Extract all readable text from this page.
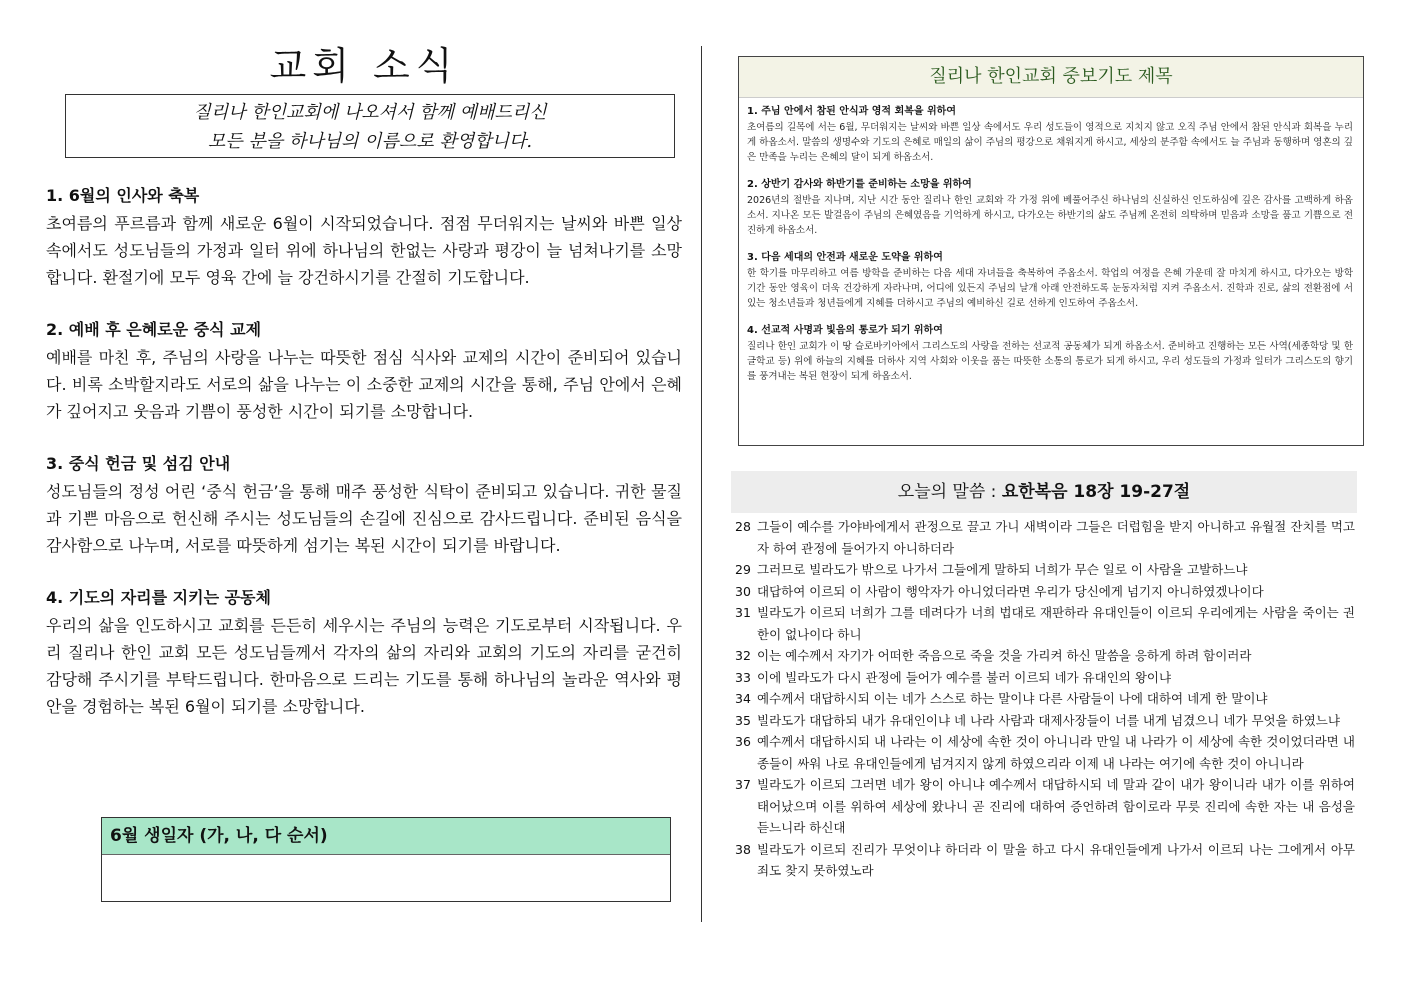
교회 소식
질리나 한인교회에 나오셔서 함께 예배드리신
모든 분을 하나님의 이름으로 환영합니다.

1. 6월의 인사와 축복

초여름의 푸르름과 함께 새로운 6월이 시작되었습니다. 점점 무더워지는 날씨와 바쁜 일상 속에서도 성도님들의 가정과 일터 위에 하나님의 한없는 사랑과 평강이 늘 넘쳐나기를 소망합니다. 환절기에 모두 영육 간에 늘 강건하시기를 간절히 기도합니다.

2. 예배 후 은혜로운 중식 교제

예배를 마친 후, 주님의 사랑을 나누는 따뜻한 점심 식사와 교제의 시간이 준비되어 있습니다. 비록 소박할지라도 서로의 삶을 나누는 이 소중한 교제의 시간을 통해, 주님 안에서 은혜가 깊어지고 웃음과 기쁨이 풍성한 시간이 되기를 소망합니다.

3. 중식 헌금 및 섬김 안내

성도님들의 정성 어린 ‘중식 헌금’을 통해 매주 풍성한 식탁이 준비되고 있습니다. 귀한 물질과 기쁜 마음으로 헌신해 주시는 성도님들의 손길에 진심으로 감사드립니다. 준비된 음식을 감사함으로 나누며, 서로를 따뜻하게 섬기는 복된 시간이 되기를 바랍니다.

4. 기도의 자리를 지키는 공동체

우리의 삶을 인도하시고 교회를 든든히 세우시는 주님의 능력은 기도로부터 시작됩니다. 우리 질리나 한인 교회 모든 성도님들께서 각자의 삶의 자리와 교회의 기도의 자리를 굳건히 감당해 주시기를 부탁드립니다. 한마음으로 드리는 기도를 통해 하나님의 놀라운 역사와 평안을 경험하는 복된 6월이 되기를 소망합니다.

6월 생일자 (가, 나, 다 순서)
질리나 한인교회 중보기도 제목

1. 주님 안에서 참된 안식과 영적 회복을 위하여

초여름의 길목에 서는 6월, 무더워지는 날씨와 바쁜 일상 속에서도 우리 성도들이 영적으로 지치지 않고 오직 주님 안에서 참된 안식과 회복을 누리게 하옵소서. 말씀의 생명수와 기도의 은혜로 매일의 삶이 주님의 평강으로 채워지게 하시고, 세상의 분주함 속에서도 늘 주님과 동행하며 영혼의 깊은 만족을 누리는 은혜의 달이 되게 하옵소서.

2. 상반기 감사와 하반기를 준비하는 소망을 위하여

2026년의 절반을 지나며, 지난 시간 동안 질리나 한인 교회와 각 가정 위에 베풀어주신 하나님의 신실하신 인도하심에 깊은 감사를 고백하게 하옵소서. 지나온 모든 발걸음이 주님의 은혜였음을 기억하게 하시고, 다가오는 하반기의 삶도 주님께 온전히 의탁하며 믿음과 소망을 품고 기쁨으로 전진하게 하옵소서.

3. 다음 세대의 안전과 새로운 도약을 위하여

한 학기를 마무리하고 여름 방학을 준비하는 다음 세대 자녀들을 축복하여 주옵소서. 학업의 여정을 은혜 가운데 잘 마치게 하시고, 다가오는 방학 기간 동안 영육이 더욱 건강하게 자라나며, 어디에 있든지 주님의 날개 아래 안전하도록 눈동자처럼 지켜 주옵소서. 진학과 진로, 삶의 전환점에 서 있는 청소년들과 청년들에게 지혜를 더하시고 주님의 예비하신 길로 선하게 인도하여 주옵소서.

4. 선교적 사명과 빛음의 통로가 되기 위하여

질리나 한인 교회가 이 땅 슬로바키아에서 그리스도의 사랑을 전하는 선교적 공동체가 되게 하옵소서. 준비하고 진행하는 모든 사역(세종학당 및 한글학교 등) 위에 하늘의 지혜를 더하사 지역 사회와 이웃을 품는 따뜻한 소통의 통로가 되게 하시고, 우리 성도들의 가정과 일터가 그리스도의 향기를 풍겨내는 복된 현장이 되게 하옵소서.

오늘의 말씀 : 요한복음 18장 19-27절

28 그들이 예수를 가야바에게서 관정으로 끌고 가니 새벽이라 그들은 더럽힘을 받지 아니하고 유월절 잔치를 먹고자 하여 관정에 들어가지 아니하더라

29 그러므로 빌라도가 밖으로 나가서 그들에게 말하되 너희가 무슨 일로 이 사람을 고발하느냐

30 대답하여 이르되 이 사람이 행악자가 아니었더라면 우리가 당신에게 넘기지 아니하였겠나이다

31 빌라도가 이르되 너희가 그를 데려다가 너희 법대로 재판하라 유대인들이 이르되 우리에게는 사람을 죽이는 권한이 없나이다 하니

32 이는 예수께서 자기가 어떠한 죽음으로 죽을 것을 가리켜 하신 말씀을 응하게 하려 함이러라

33 이에 빌라도가 다시 관정에 들어가 예수를 불러 이르되 네가 유대인의 왕이냐

34 예수께서 대답하시되 이는 네가 스스로 하는 말이냐 다른 사람들이 나에 대하여 네게 한 말이냐

35 빌라도가 대답하되 내가 유대인이냐 네 나라 사람과 대제사장들이 너를 내게 넘겼으니 네가 무엇을 하였느냐

36 예수께서 대답하시되 내 나라는 이 세상에 속한 것이 아니니라 만일 내 나라가 이 세상에 속한 것이었더라면 내 종들이 싸워 나로 유대인들에게 넘겨지지 않게 하였으리라 이제 내 나라는 여기에 속한 것이 아니니라

37 빌라도가 이르되 그러면 네가 왕이 아니냐 예수께서 대답하시되 네 말과 같이 내가 왕이니라 내가 이를 위하여 태어났으며 이를 위하여 세상에 왔나니 곧 진리에 대하여 증언하려 함이로라 무릇 진리에 속한 자는 내 음성을 듣느니라 하신대

38 빌라도가 이르되 진리가 무엇이냐 하더라 이 말을 하고 다시 유대인들에게 나가서 이르되 나는 그에게서 아무 죄도 찾지 못하였노라
